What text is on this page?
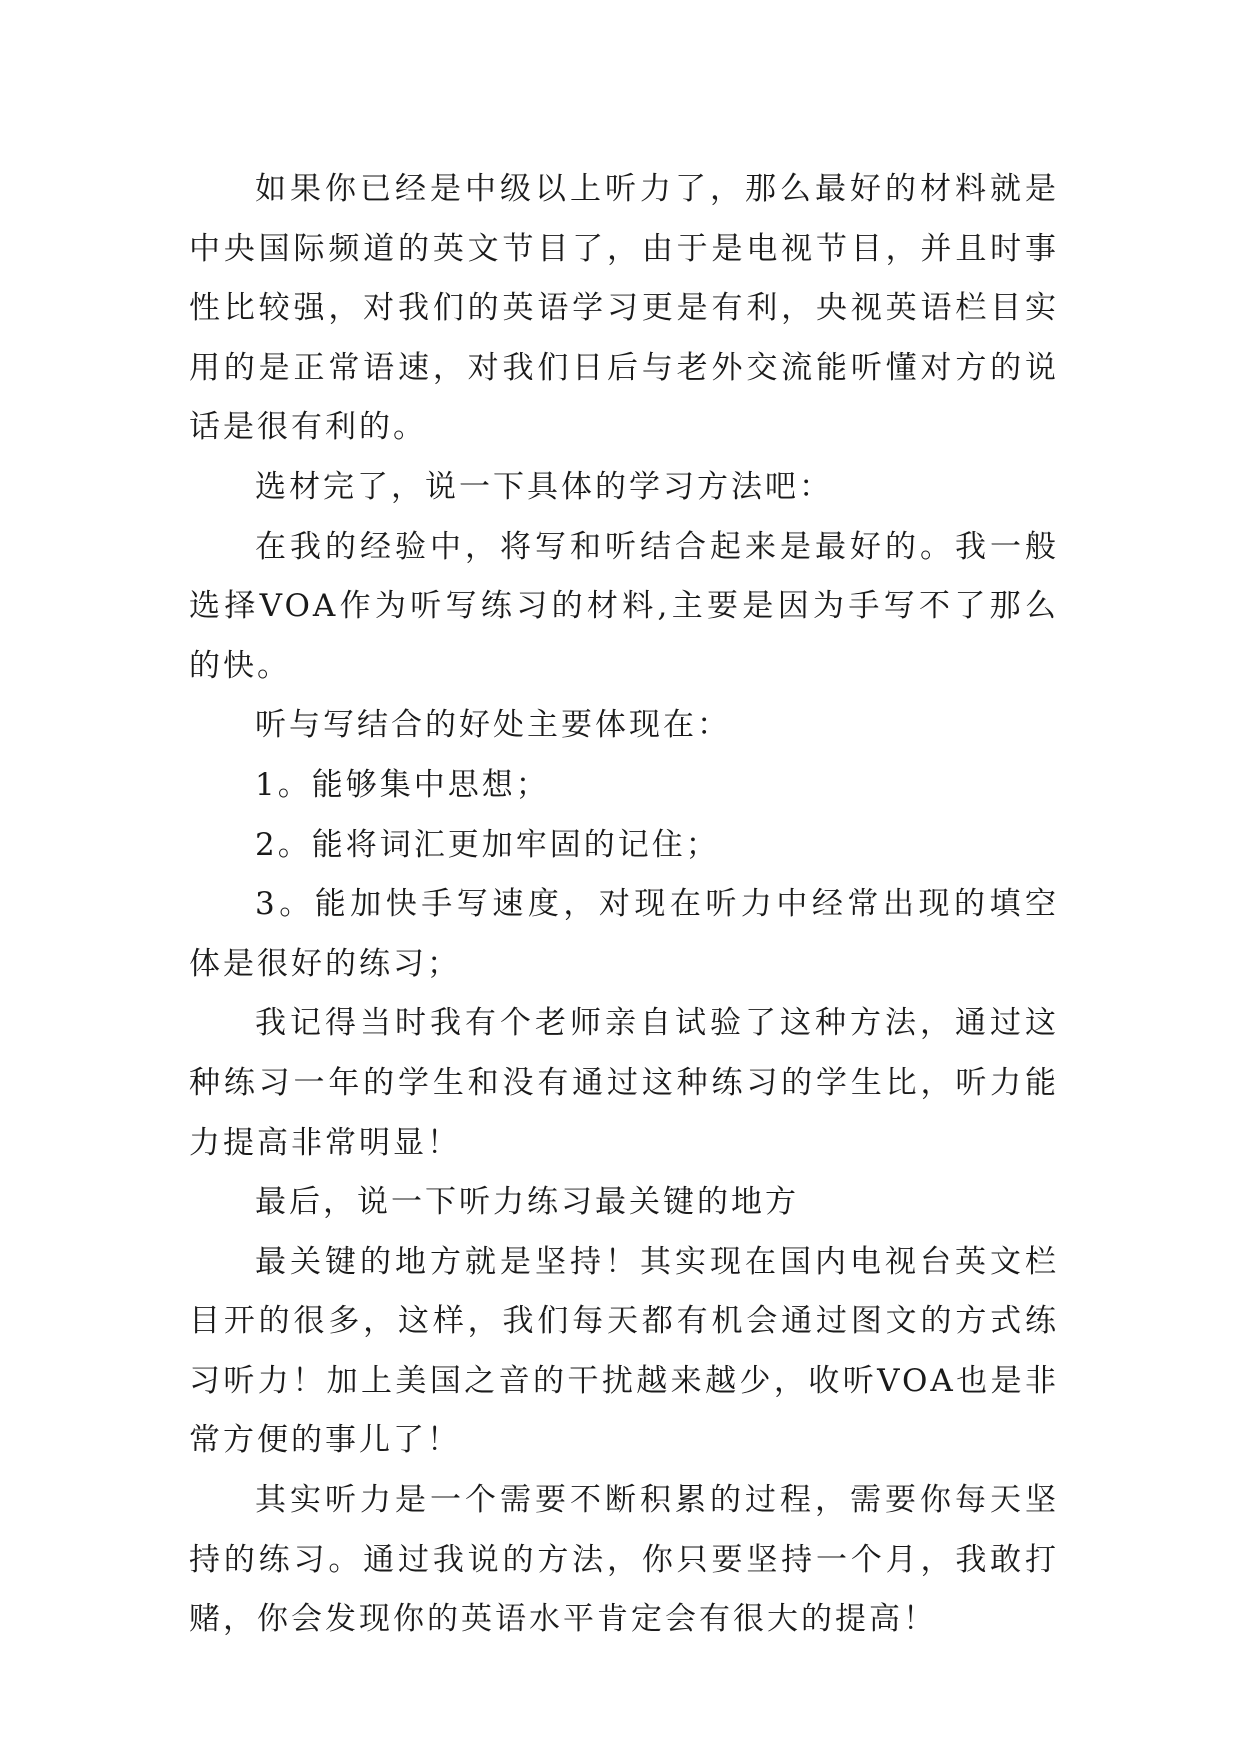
如果你已经是中级以上听力了，那么最好的材料就是中央国际频道的英文节目了，由于是电视节目，并且时事性比较强，对我们的英语学习更是有利，央视英语栏目实用的是正常语速，对我们日后与老外交流能听懂对方的说话是很有利的。

选材完了，说一下具体的学习方法吧：

在我的经验中，将写和听结合起来是最好的。我一般选择VOA作为听写练习的材料,主要是因为手写不了那么的快。

听与写结合的好处主要体现在：

1。能够集中思想；

2。能将词汇更加牢固的记住；

3。能加快手写速度，对现在听力中经常出现的填空体是很好的练习；

我记得当时我有个老师亲自试验了这种方法，通过这种练习一年的学生和没有通过这种练习的学生比，听力能力提高非常明显！

最后，说一下听力练习最关键的地方

最关键的地方就是坚持！其实现在国内电视台英文栏目开的很多，这样，我们每天都有机会通过图文的方式练习听力！加上美国之音的干扰越来越少，收听VOA也是非常方便的事儿了！

其实听力是一个需要不断积累的过程，需要你每天坚持的练习。通过我说的方法，你只要坚持一个月，我敢打赌，你会发现你的英语水平肯定会有很大的提高！
